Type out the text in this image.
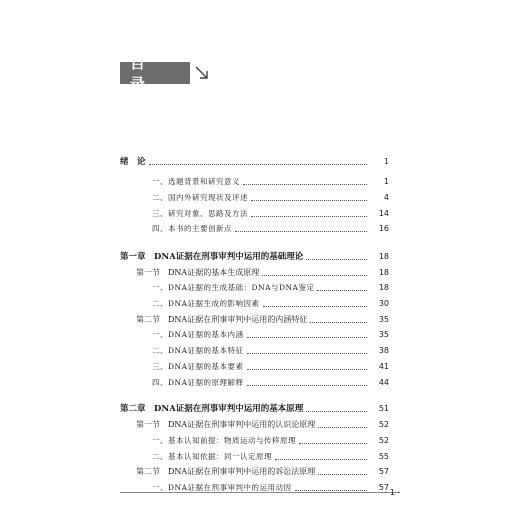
目 录
绪　论	1
一、选题背景和研究意义	1
二、国内外研究现状及评述	4
三、研究对象、思路及方法	14
四、本书的主要创新点	16
第一章　DNA证据在刑事审判中运用的基础理论	18
第一节　DNA证据的基本生成原理	18
一、DNA证据的生成基础：DNA与DNA鉴定	18
二、DNA证据生成的影响因素	30
第二节　DNA证据在刑事审判中运用的内涵特征	35
一、DNA证据的基本内涵	35
二、DNA证据的基本特征	38
三、DNA证据的基本要素	41
四、DNA证据的原理解释	44
第二章　DNA证据在刑事审判中运用的基本原理	51
第一节　DNA证据在刑事审判中运用的认识论原理	52
一、基本认知前提：物质运动与传移原理	52
二、基本认知依据：同一认定原理	55
第二节　DNA证据在刑事审判中运用的诉讼法原理	57
一、DNA证据在刑事审判中的运用动因	57
· 1 ·
